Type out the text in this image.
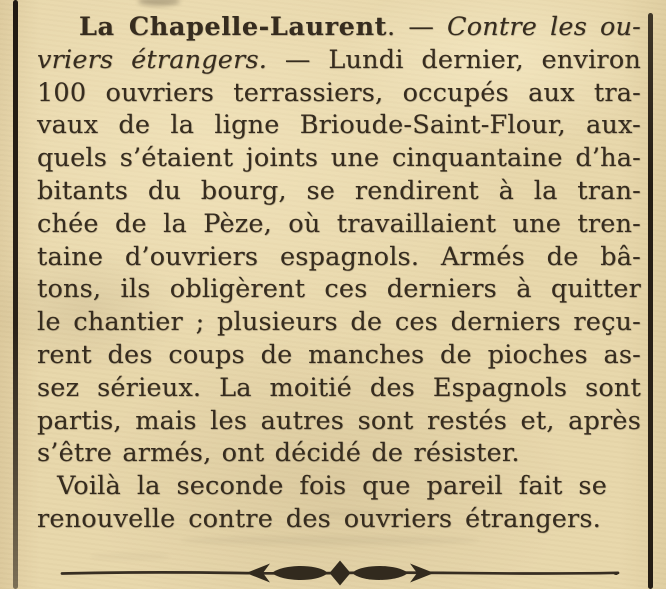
La Chapelle-Laurent. — Contre les ou-
vriers étrangers. — Lundi dernier, environ
100 ouvriers terrassiers, occupés aux tra-
vaux de la ligne Brioude-Saint-Flour, aux-
quels s’étaient joints une cinquantaine d’ha-
bitants du bourg, se rendirent à la tran-
chée de la Pèze, où travaillaient une tren-
taine d’ouvriers espagnols. Armés de bâ-
tons, ils obligèrent ces derniers à quitter
le chantier ; plusieurs de ces derniers reçu-
rent des coups de manches de pioches as-
sez sérieux. La moitié des Espagnols sont
partis, mais les autres sont restés et, après
s’être armés, ont décidé de résister.
Voilà la seconde fois que pareil fait se
renouvelle contre des ouvriers étrangers.
